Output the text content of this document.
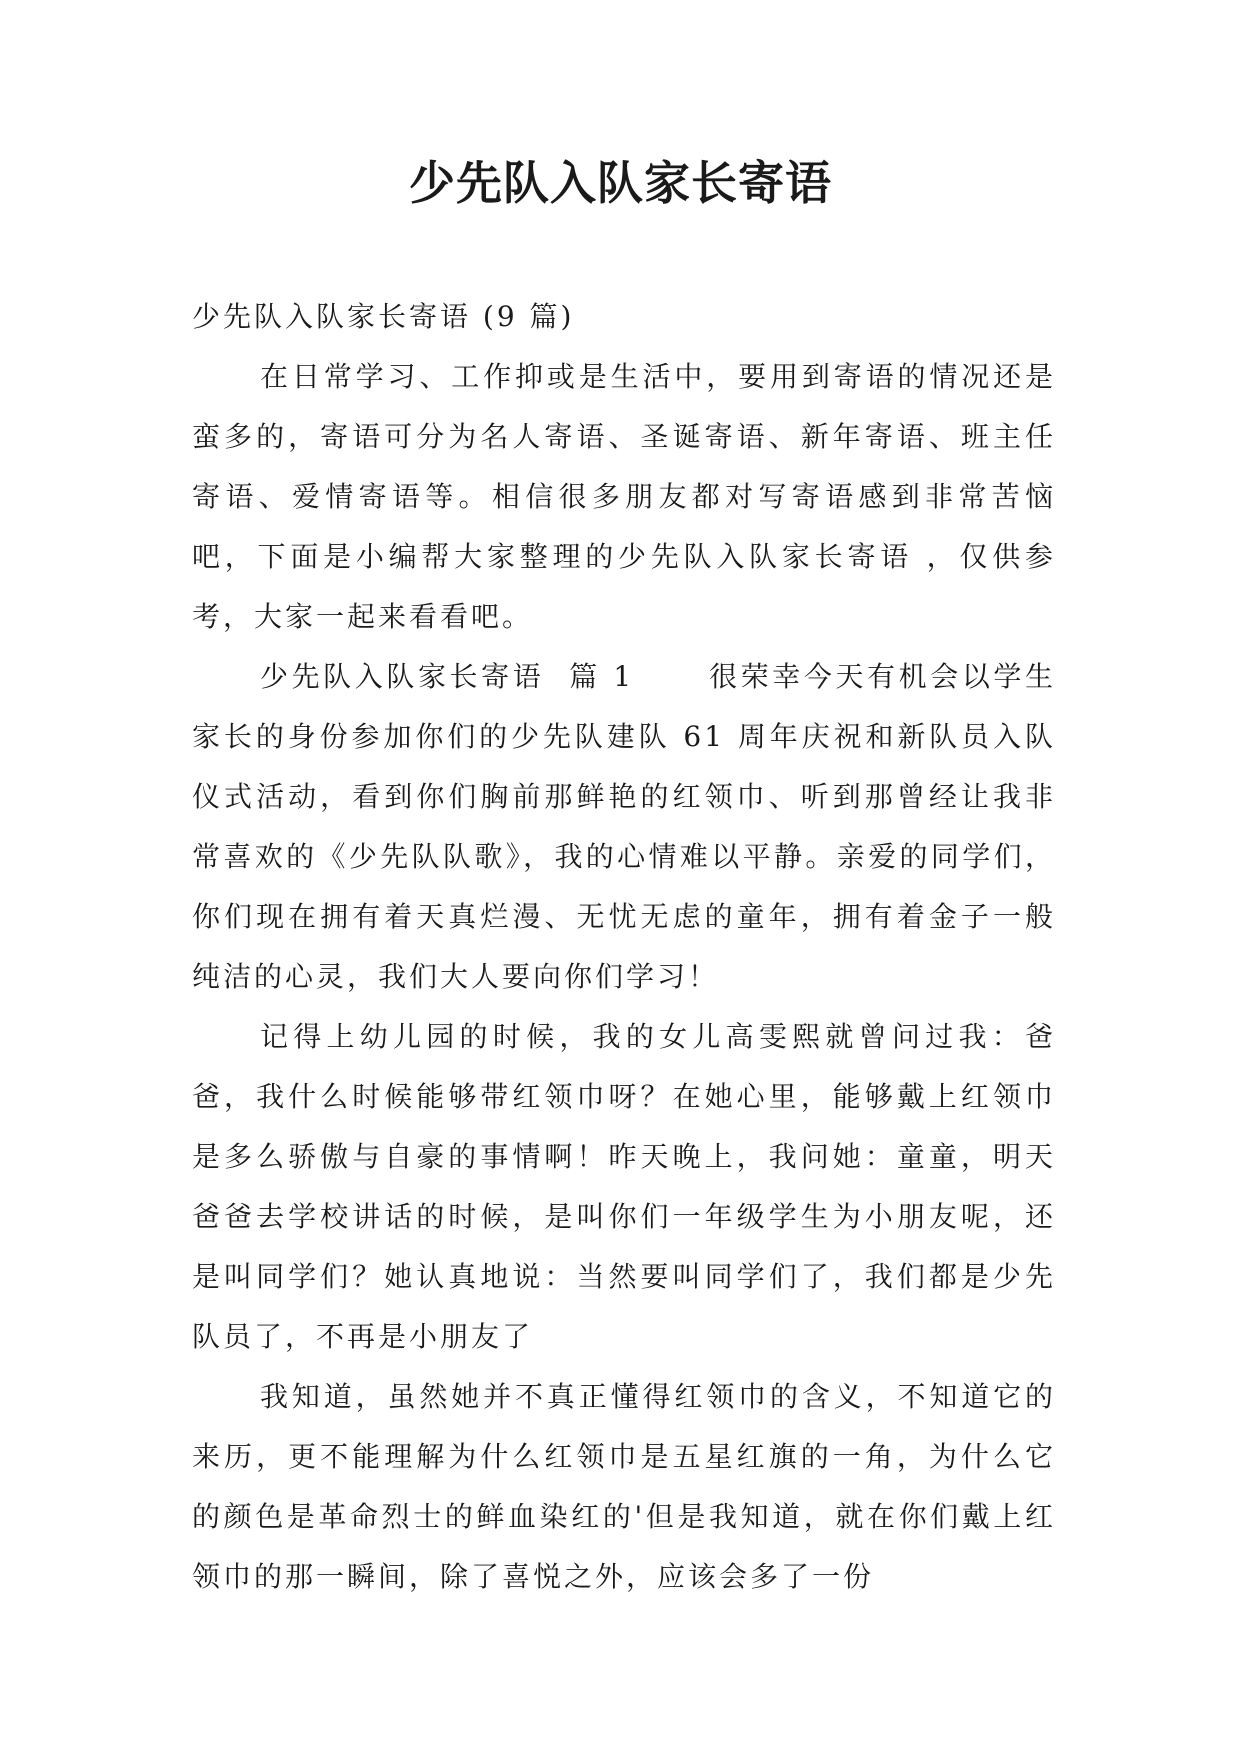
少先队入队家长寄语

少先队入队家长寄语 (9 篇)

在日常学习、工作抑或是生活中，要用到寄语的情况还是蛮多的，寄语可分为名人寄语、圣诞寄语、新年寄语、班主任寄语、爱情寄语等。相信很多朋友都对写寄语感到非常苦恼吧，下面是小编帮大家整理的少先队入队家长寄语 ，仅供参考，大家一起来看看吧。

少先队入队家长寄语  篇 1      很荣幸今天有机会以学生家长的身份参加你们的少先队建队 61 周年庆祝和新队员入队仪式活动，看到你们胸前那鲜艳的红领巾、听到那曾经让我非常喜欢的《少先队队歌》，我的心情难以平静。亲爱的同学们，你们现在拥有着天真烂漫、无忧无虑的童年，拥有着金子一般纯洁的心灵，我们大人要向你们学习！

记得上幼儿园的时候，我的女儿高雯熙就曾问过我：爸爸，我什么时候能够带红领巾呀？在她心里，能够戴上红领巾是多么骄傲与自豪的事情啊！昨天晚上，我问她：童童，明天爸爸去学校讲话的时候，是叫你们一年级学生为小朋友呢，还是叫同学们？她认真地说：当然要叫同学们了，我们都是少先队员了，不再是小朋友了

我知道，虽然她并不真正懂得红领巾的含义，不知道它的来历，更不能理解为什么红领巾是五星红旗的一角，为什么它的颜色是革命烈士的鲜血染红的'但是我知道，就在你们戴上红领巾的那一瞬间，除了喜悦之外，应该会多了一份
